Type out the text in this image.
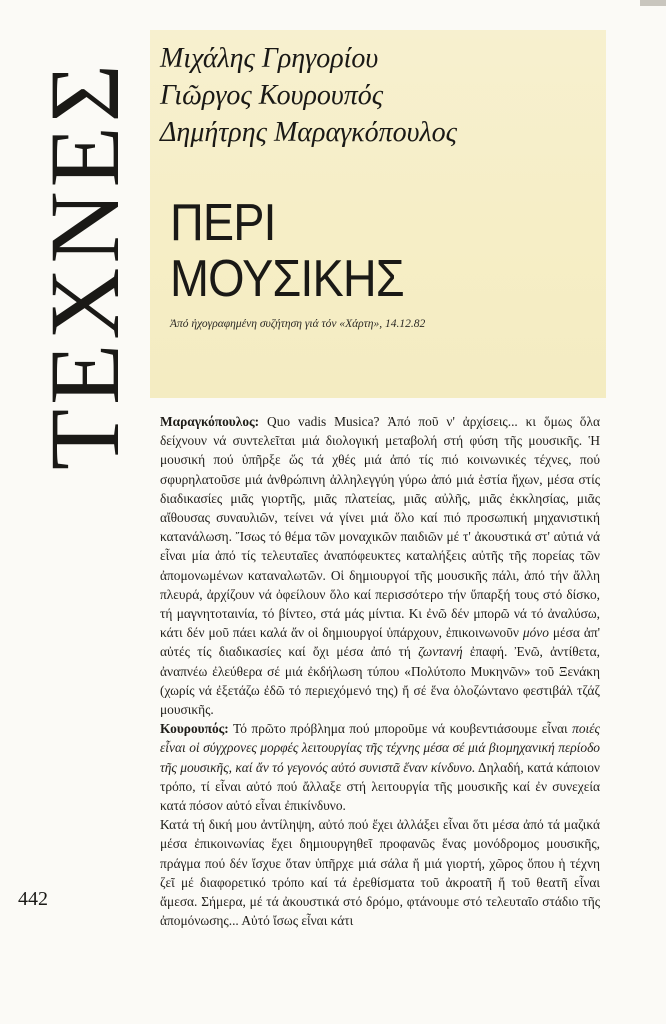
ΤΕΧΝΕΣ
Μιχάλης Γρηγορίου
Γιῶργος Κουρουπός
Δημήτρης Μαραγκόπουλος
ΠΕΡΙ
ΜΟΥΣΙΚΗΣ
Ἀπό ἠχογραφημένη συζήτηση γιά τόν «Χάρτη», 14.12.82

Μαραγκόπουλος: Quo vadis Musica? Ἀπό ποῦ ν' ἀρχίσεις... κι ὅμως ὅλα δείχνουν νά συντελεῖται μιά διολογική μεταβολή στή φύση τῆς μουσικῆς. Ἡ μουσική πού ὑπῆρξε ὥς τά χθές μιά ἀπό τίς πιό κοινωνικές τέχνες, πού σφυρηλατοῦσε μιά ἀνθρώπινη ἀλληλεγγύη γύρω ἀπό μιά ἑστία ἤχων, μέσα στίς διαδικασίες μιᾶς γιορτῆς, μιᾶς πλατείας, μιᾶς αὐλῆς, μιᾶς ἐκκλησίας, μιᾶς αἴθουσας συναυλιῶν, τείνει νά γίνει μιά ὅλο καί πιό προσωπική μηχανιστική κατανάλωση. Ἴσως τό θέμα τῶν μοναχικῶν παιδιῶν μέ τ' ἀκουστικά στ' αὐτιά νά εἶναι μία ἀπό τίς τελευταῖες ἀναπόφευκτες καταλήξεις αὐτῆς τῆς πορείας τῶν ἀπομονωμένων καταναλωτῶν. Οἱ δημιουργοί τῆς μουσικῆς πάλι, ἀπό τήν ἄλλη πλευρά, ἀρχίζουν νά ὀφείλουν ὅλο καί περισσότερο τήν ὕπαρξή τους στό δίσκο, τή μαγνητοταινία, τό βίντεο, στά μάς μίντια. Κι ἐνῶ δέν μπορῶ νά τό ἀναλύσω, κάτι δέν μοῦ πάει καλά ἄν οἱ δημιουργοί ὑπάρχουν, ἐπικοινωνοῦν μόνο μέσα ἀπ' αὐτές τίς διαδικασίες καί ὄχι μέσα ἀπό τή ζωντανή ἐπαφή. Ἐνῶ, ἀντίθετα, ἀναπνέω ἐλεύθερα σέ μιά ἐκδήλωση τύπου «Πολύτοπο Μυκηνῶν» τοῦ Ξενάκη (χωρίς νά ἐξετάζω ἐδῶ τό περιεχόμενό της) ἤ σέ ἕνα ὁλοζώντανο φεστιβάλ τζάζ μουσικῆς.

Κουρουπός: Τό πρῶτο πρόβλημα πού μποροῦμε νά κουβεντιάσουμε εἶναι ποιές εἶναι οἱ σύγχρονες μορφές λειτουργίας τῆς τέχνης μέσα σέ μιά βιομηχανική περίοδο τῆς μουσικῆς, καί ἄν τό γεγονός αὐτό συνιστᾶ ἕναν κίνδυνο. Δηλαδή, κατά κάποιον τρόπο, τί εἶναι αὐτό πού ἄλλαξε στή λειτουργία τῆς μουσικῆς καί ἐν συνεχεία κατά πόσον αὐτό εἶναι ἐπικίνδυνο.

Κατά τή δική μου ἀντίληψη, αὐτό πού ἔχει ἀλλάξει εἶναι ὅτι μέσα ἀπό τά μαζικά μέσα ἐπικοινωνίας ἔχει δημιουργηθεῖ προφανῶς ἕνας μονόδρομος μουσικῆς, πράγμα πού δέν ἴσχυε ὅταν ὑπῆρχε μιά σάλα ἤ μιά γιορτή, χῶρος ὅπου ἡ τέχνη ζεῖ μέ διαφορετικό τρόπο καί τά ἐρεθίσματα τοῦ ἀκροατῆ ἤ τοῦ θεατῆ εἶναι ἄμεσα. Σήμερα, μέ τά ἀκουστικά στό δρόμο, φτάνουμε στό τελευταῖο στάδιο τῆς ἀπομόνωσης... Αὐτό ἴσως εἶναι κάτι

442
